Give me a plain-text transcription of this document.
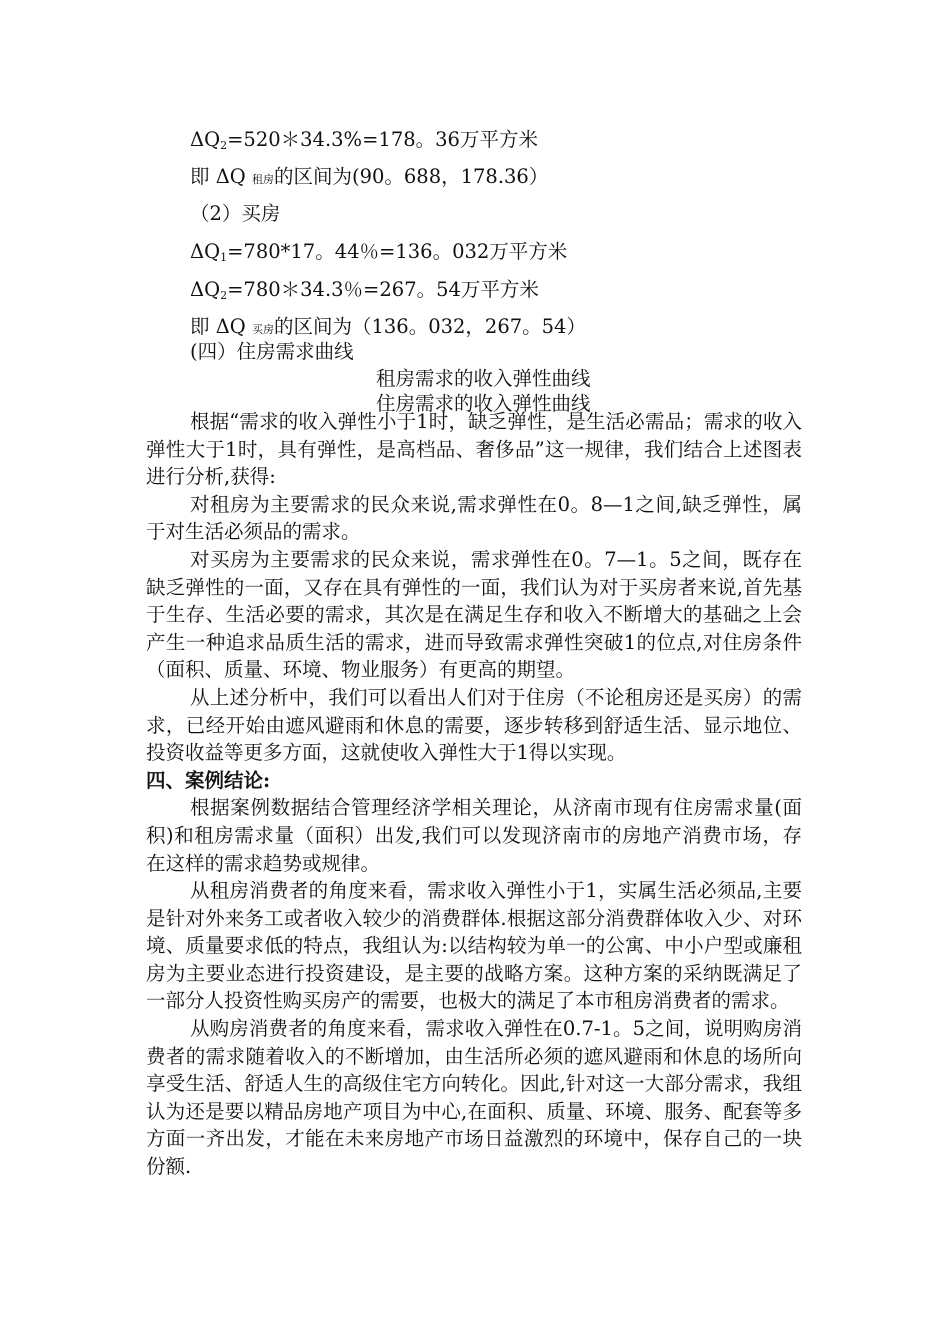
$\Delta Q_2=520*34.3\%=178$。36万平方米
即 ΔQ 租房的区间为(90。688，178.36）
（2）买房
$\Delta Q_1=780*17$。44％=136。032万平方米
$\Delta Q_2=780*34.3$％=267。54万平方米
即 ΔQ 买房的区间为（136。032，267。54）
(四）住房需求曲线
租房需求的收入弹性曲线
住房需求的收入弹性曲线

根据“需求的收入弹性小于1时，缺乏弹性，是生活必需品；需求的收入弹性大于1时，具有弹性，是高档品、奢侈品”这一规律，我们结合上述图表进行分析,获得:

对租房为主要需求的民众来说,需求弹性在0。8—1之间,缺乏弹性，属于对生活必须品的需求。

对买房为主要需求的民众来说，需求弹性在0。7—1。5之间，既存在缺乏弹性的一面，又存在具有弹性的一面，我们认为对于买房者来说,首先基于生存、生活必要的需求，其次是在满足生存和收入不断增大的基础之上会产生一种追求品质生活的需求，进而导致需求弹性突破1的位点,对住房条件（面积、质量、环境、物业服务）有更高的期望。

从上述分析中，我们可以看出人们对于住房（不论租房还是买房）的需求，已经开始由遮风避雨和休息的需要，逐步转移到舒适生活、显示地位、投资收益等更多方面，这就使收入弹性大于1得以实现。

四、案例结论:

根据案例数据结合管理经济学相关理论，从济南市现有住房需求量(面积)和租房需求量（面积）出发,我们可以发现济南市的房地产消费市场，存在这样的需求趋势或规律。

从租房消费者的角度来看，需求收入弹性小于1，实属生活必须品,主要是针对外来务工或者收入较少的消费群体.根据这部分消费群体收入少、对环境、质量要求低的特点，我组认为:以结构较为单一的公寓、中小户型或廉租房为主要业态进行投资建设，是主要的战略方案。这种方案的采纳既满足了一部分人投资性购买房产的需要，也极大的满足了本市租房消费者的需求。

从购房消费者的角度来看，需求收入弹性在0.7-1。5之间，说明购房消费者的需求随着收入的不断增加，由生活所必须的遮风避雨和休息的场所向享受生活、舒适人生的高级住宅方向转化。因此,针对这一大部分需求，我组认为还是要以精品房地产项目为中心,在面积、质量、环境、服务、配套等多方面一齐出发，才能在未来房地产市场日益激烈的环境中，保存自己的一块份额.
